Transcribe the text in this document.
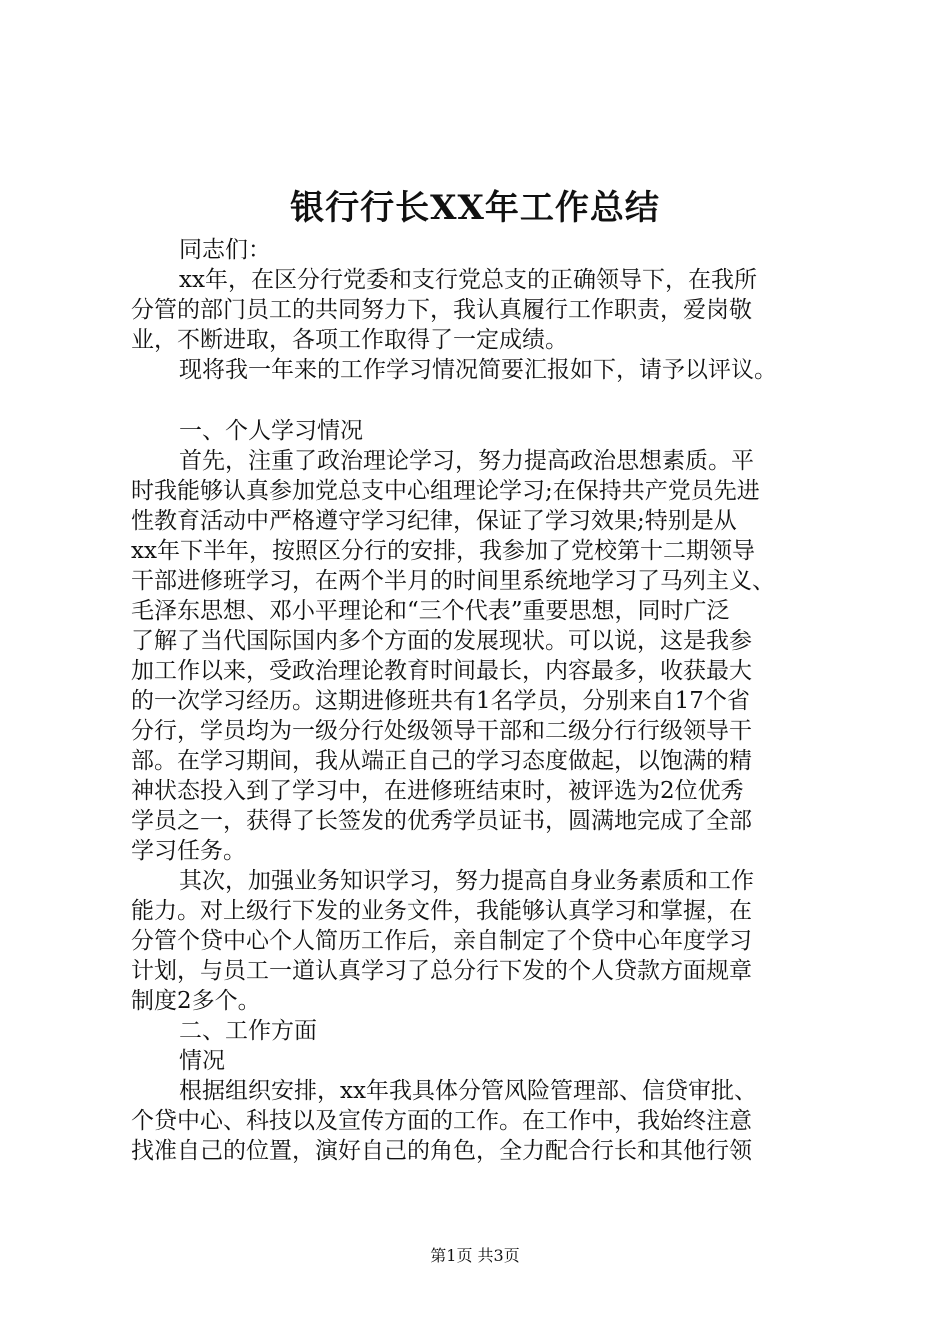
银行行长XX年工作总结
同志们：
xx年，在区分行党委和支行党总支的正确领导下，在我所
分管的部门员工的共同努力下，我认真履行工作职责，爱岗敬
业，不断进取，各项工作取得了一定成绩。
现将我一年来的工作学习情况简要汇报如下，请予以评议。
一、个人学习情况
首先，注重了政治理论学习，努力提高政治思想素质。平
时我能够认真参加党总支中心组理论学习;在保持共产党员先进
性教育活动中严格遵守学习纪律，保证了学习效果;特别是从
xx年下半年，按照区分行的安排，我参加了党校第十二期领导
干部进修班学习，在两个半月的时间里系统地学习了马列主义、
毛泽东思想、邓小平理论和“三个代表”重要思想，同时广泛
了解了当代国际国内多个方面的发展现状。可以说，这是我参
加工作以来，受政治理论教育时间最长，内容最多，收获最大
的一次学习经历。这期进修班共有1名学员，分别来自17个省
分行，学员均为一级分行处级领导干部和二级分行行级领导干
部。在学习期间，我从端正自己的学习态度做起，以饱满的精
神状态投入到了学习中，在进修班结束时，被评选为2位优秀
学员之一，获得了长签发的优秀学员证书，圆满地完成了全部
学习任务。
其次，加强业务知识学习，努力提高自身业务素质和工作
能力。对上级行下发的业务文件，我能够认真学习和掌握，在
分管个贷中心个人简历工作后，亲自制定了个贷中心年度学习
计划，与员工一道认真学习了总分行下发的个人贷款方面规章
制度2多个。
二、工作方面
情况
根据组织安排，xx年我具体分管风险管理部、信贷审批、
个贷中心、科技以及宣传方面的工作。在工作中，我始终注意
找准自己的位置，演好自己的角色，全力配合行长和其他行领
第1页 共3页
